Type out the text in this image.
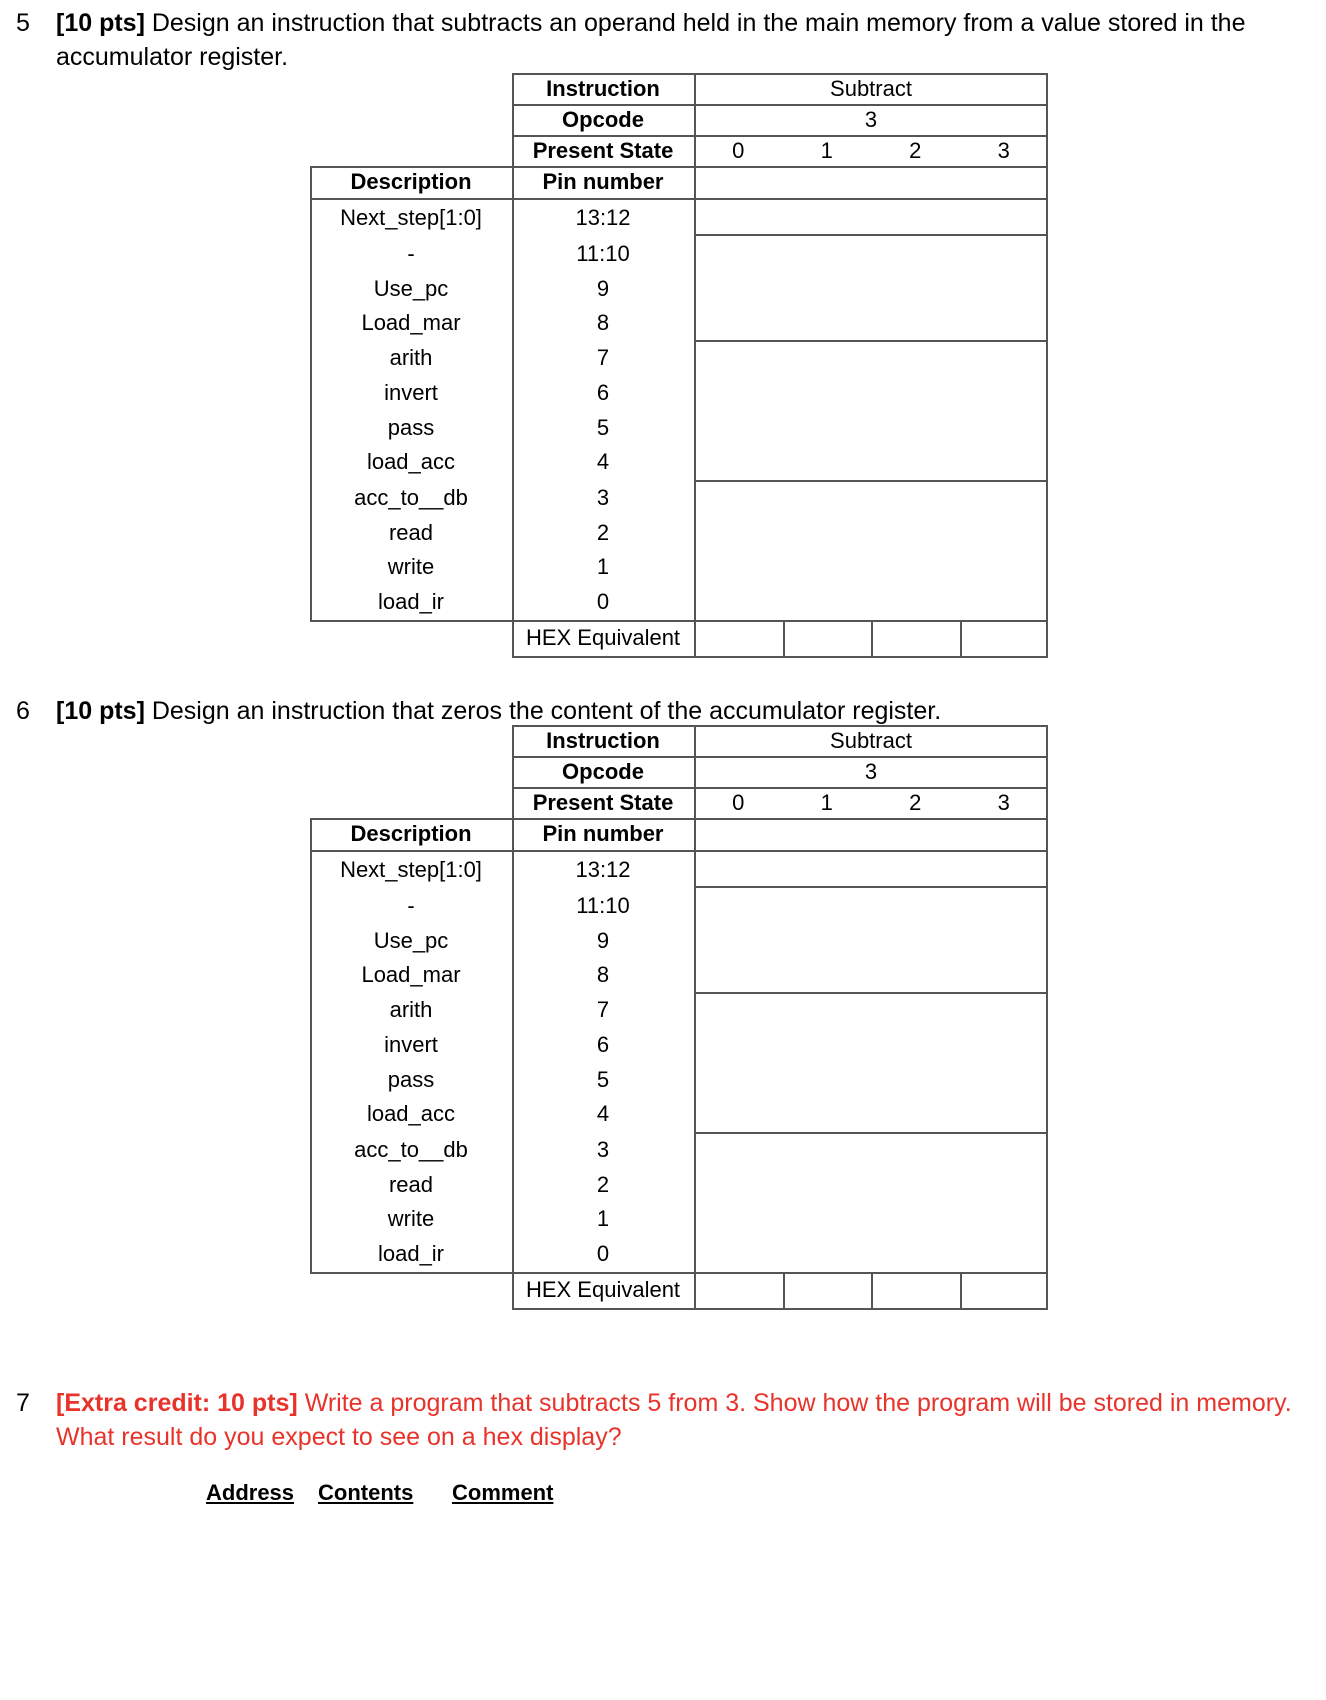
5 [10 pts] Design an instruction that subtracts an operand held in the main memory from a value stored in the accumulator register.
Instruction	Subtract
Opcode	3
Present State	0	1	2	3
Description	Pin number
Next_step[1:0]	13:12
-	11:10
Use_pc	9
Load_mar	8
arith	7
invert	6
pass	5
load_acc	4
acc_to__db	3
read	2
write	1
load_ir	0
HEX Equivalent
6 [10 pts] Design an instruction that zeros the content of the accumulator register.
Instruction	Subtract
Opcode	3
Present State	0	1	2	3
Description	Pin number
Next_step[1:0]	13:12
-	11:10
Use_pc	9
Load_mar	8
arith	7
invert	6
pass	5
load_acc	4
acc_to__db	3
read	2
write	1
load_ir	0
HEX Equivalent
7 [Extra credit: 10 pts] Write a program that subtracts 5 from 3. Show how the program will be stored in memory. What result do you expect to see on a hex display?
Address Contents Comment
